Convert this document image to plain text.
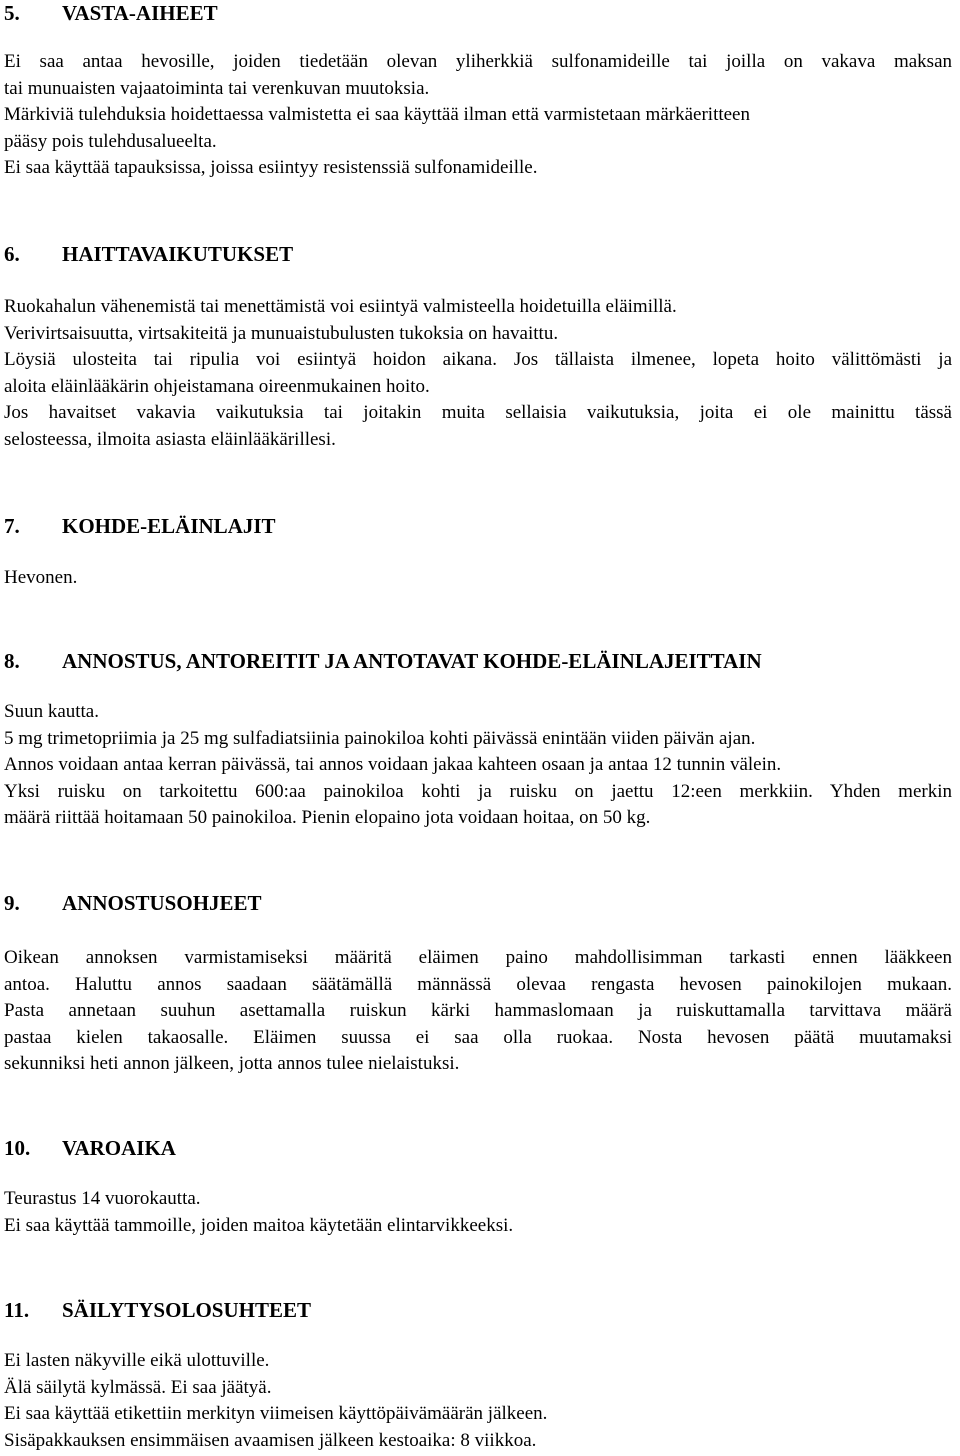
5. VASTA-AIHEET
Ei saa antaa hevosille, joiden tiedetään olevan yliherkkiä sulfonamideille tai joilla on vakava maksan
tai munuaisten vajaatoiminta tai verenkuvan muutoksia.
Märkiviä tulehduksia hoidettaessa valmistetta ei saa käyttää ilman että varmistetaan märkäeritteen
pääsy pois tulehdusalueelta.
Ei saa käyttää tapauksissa, joissa esiintyy resistenssiä sulfonamideille.
6. HAITTAVAIKUTUKSET
Ruokahalun vähenemistä tai menettämistä voi esiintyä valmisteella hoidetuilla eläimillä.
Verivirtsaisuutta, virtsakiteitä ja munuaistubulusten tukoksia on havaittu.
Löysiä ulosteita tai ripulia voi esiintyä hoidon aikana. Jos tällaista ilmenee, lopeta hoito välittömästi ja
aloita eläinlääkärin ohjeistamana oireenmukainen hoito.
Jos havaitset vakavia vaikutuksia tai joitakin muita sellaisia vaikutuksia, joita ei ole mainittu tässä
selosteessa, ilmoita asiasta eläinlääkärillesi.
7. KOHDE-ELÄINLAJIT
Hevonen.
8. ANNOSTUS, ANTOREITIT JA ANTOTAVAT KOHDE-ELÄINLAJEITTAIN
Suun kautta.
5 mg trimetopriimia ja 25 mg sulfadiatsiinia painokiloa kohti päivässä enintään viiden päivän ajan.
Annos voidaan antaa kerran päivässä, tai annos voidaan jakaa kahteen osaan ja antaa 12 tunnin välein.
Yksi ruisku on tarkoitettu 600:aa painokiloa kohti ja ruisku on jaettu 12:een merkkiin. Yhden merkin
määrä riittää hoitamaan 50 painokiloa. Pienin elopaino jota voidaan hoitaa, on 50 kg.
9. ANNOSTUSOHJEET
Oikean annoksen varmistamiseksi määritä eläimen paino mahdollisimman tarkasti ennen lääkkeen
antoa. Haluttu annos saadaan säätämällä männässä olevaa rengasta hevosen painokilojen mukaan.
Pasta annetaan suuhun asettamalla ruiskun kärki hammaslomaan ja ruiskuttamalla tarvittava määrä
pastaa kielen takaosalle. Eläimen suussa ei saa olla ruokaa. Nosta hevosen päätä muutamaksi
sekunniksi heti annon jälkeen, jotta annos tulee nielaistuksi.
10. VAROAIKA
Teurastus 14 vuorokautta.
Ei saa käyttää tammoille, joiden maitoa käytetään elintarvikkeeksi.
11. SÄILYTYSOLOSUHTEET
Ei lasten näkyville eikä ulottuville.
Älä säilytä kylmässä. Ei saa jäätyä.
Ei saa käyttää etikettiin merkityn viimeisen käyttöpäivämäärän jälkeen.
Sisäpakkauksen ensimmäisen avaamisen jälkeen kestoaika: 8 viikkoa.
